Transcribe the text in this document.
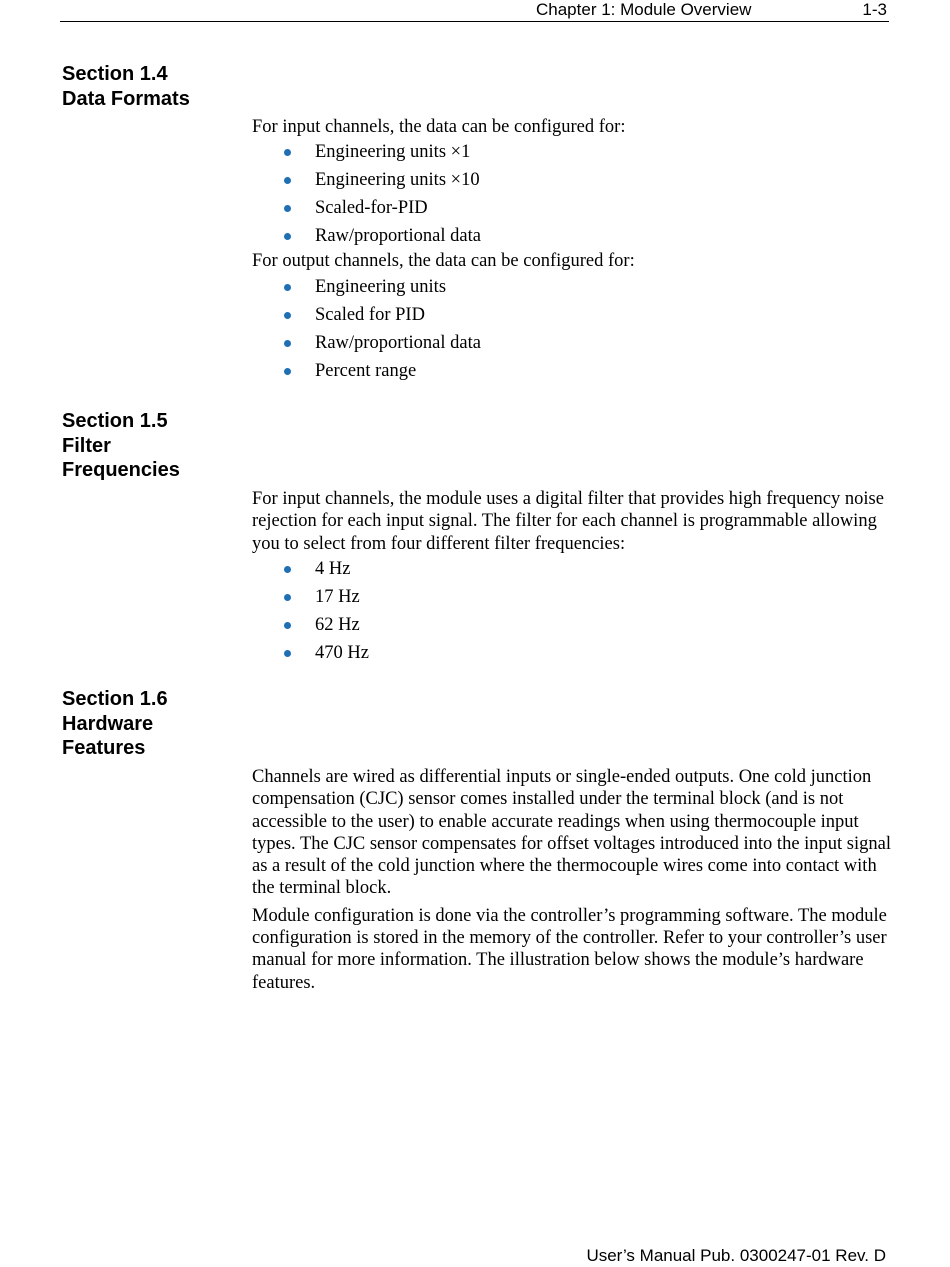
Chapter 1: Module Overview	1-3
Section 1.4
Data Formats

For input channels, the data can be configured for:

Engineering units ×1
Engineering units ×10
Scaled-for-PID
Raw/proportional data

For output channels, the data can be configured for:

Engineering units
Scaled for PID
Raw/proportional data
Percent range
Section 1.5
Filter
Frequencies

For input channels, the module uses a digital filter that provides high frequency noise rejection for each input signal. The filter for each channel is programmable allowing you to select from four different filter frequencies:

4 Hz
17 Hz
62 Hz
470 Hz
Section 1.6
Hardware
Features

Channels are wired as differential inputs or single-ended outputs. One cold junction compensation (CJC) sensor comes installed under the terminal block (and is not accessible to the user) to enable accurate readings when using thermocouple input types. The CJC sensor compensates for offset voltages introduced into the input signal as a result of the cold junction where the thermocouple wires come into contact with the terminal block.

Module configuration is done via the controller’s programming software. The module configuration is stored in the memory of the controller. Refer to your controller’s user manual for more information. The illustration below shows the module’s hardware features.

User’s Manual Pub. 0300247-01 Rev. D
